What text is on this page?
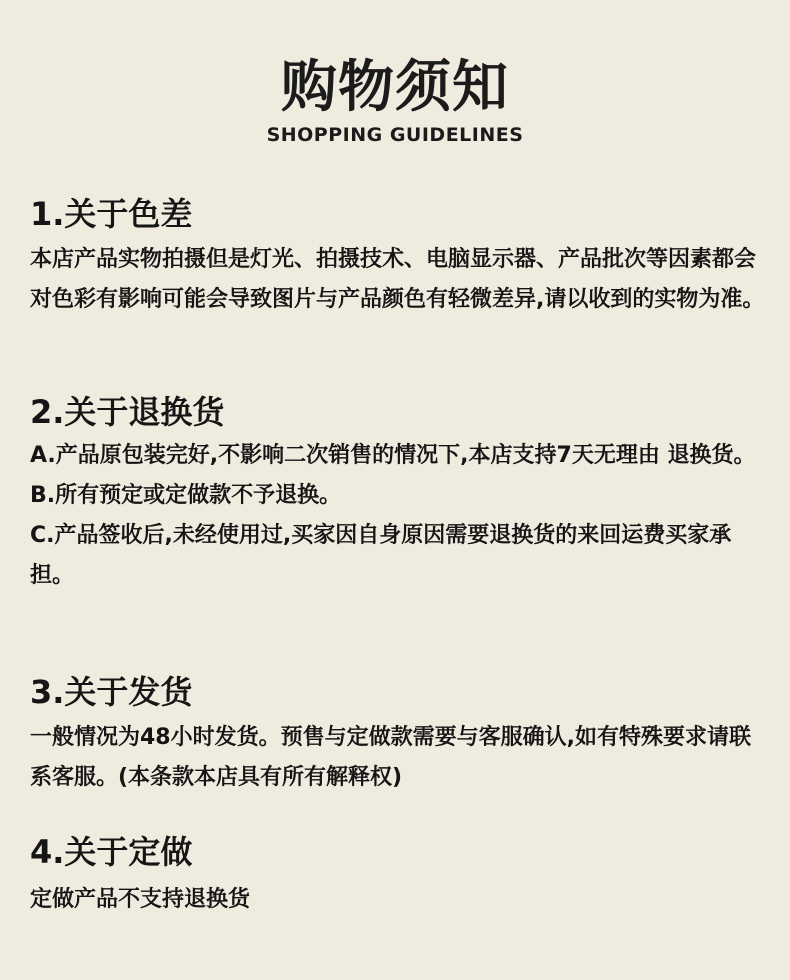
购物须知
SHOPPING GUIDELINES
1.关于色差

本店产品实物拍摄但是灯光、拍摄技术、电脑显示器、产品批次等因素都会对色彩有影响可能会导致图片与产品颜色有轻微差异,请以收到的实物为准。

2.关于退换货

A.产品原包装完好,不影响二次销售的情况下,本店支持7天无理由 退换货。

B.所有预定或定做款不予退换。

C.产品签收后,未经使用过,买家因自身原因需要退换货的来回运费买家承担。

3.关于发货

一般情况为48小时发货。预售与定做款需要与客服确认,如有特殊要求请联系客服。(本条款本店具有所有解释权)

4.关于定做

定做产品不支持退换货
